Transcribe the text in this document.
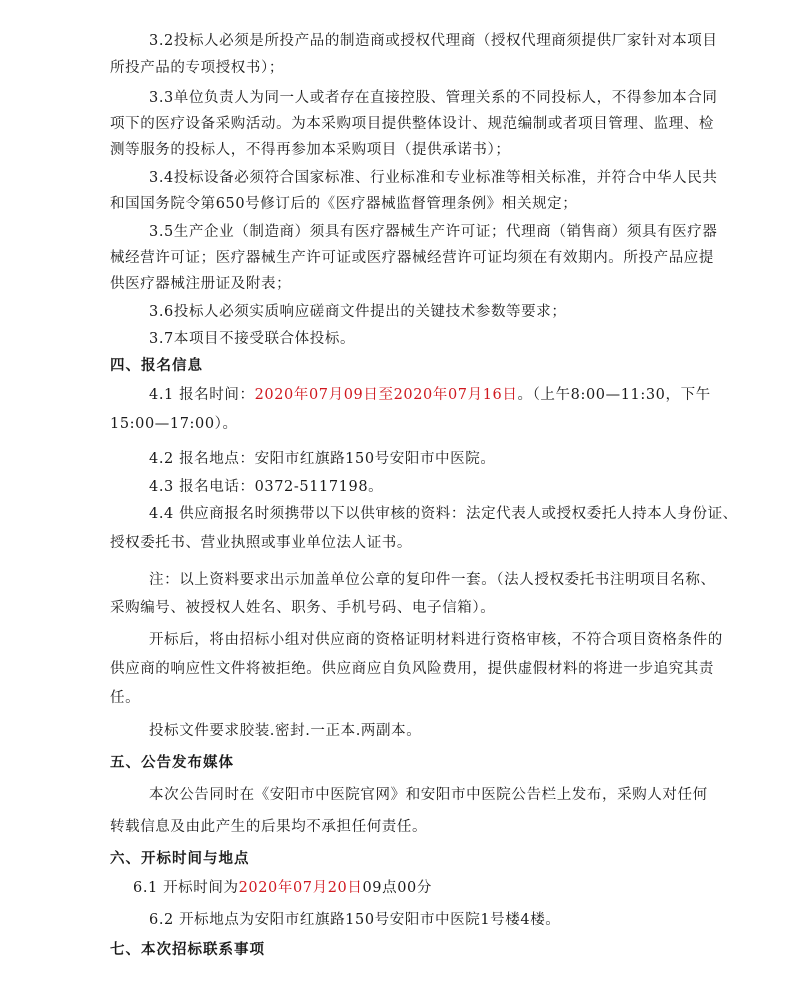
3.2投标人必须是所投产品的制造商或授权代理商（授权代理商须提供厂家针对本项目
所投产品的专项授权书）；
3.3单位负责人为同一人或者存在直接控股、管理关系的不同投标人，不得参加本合同
项下的医疗设备采购活动。为本采购项目提供整体设计、规范编制或者项目管理、监理、检
测等服务的投标人，不得再参加本采购项目（提供承诺书）；
3.4投标设备必须符合国家标准、行业标准和专业标准等相关标准，并符合中华人民共
和国国务院令第650号修订后的《医疗器械监督管理条例》相关规定；
3.5生产企业（制造商）须具有医疗器械生产许可证；代理商（销售商）须具有医疗器
械经营许可证；医疗器械生产许可证或医疗器械经营许可证均须在有效期内。所投产品应提
供医疗器械注册证及附表；
3.6投标人必须实质响应磋商文件提出的关键技术参数等要求；
3.7本项目不接受联合体投标。
四、报名信息
4.1 报名时间：2020年07月09日至2020年07月16日。（上午8:00—11:30，下午
15:00—17:00）。
4.2 报名地点：安阳市红旗路150号安阳市中医院。
4.3 报名电话：0372-5117198。
4.4 供应商报名时须携带以下以供审核的资料：法定代表人或授权委托人持本人身份证、
授权委托书、营业执照或事业单位法人证书。
注：以上资料要求出示加盖单位公章的复印件一套。（法人授权委托书注明项目名称、
采购编号、被授权人姓名、职务、手机号码、电子信箱）。
开标后，将由招标小组对供应商的资格证明材料进行资格审核，不符合项目资格条件的
供应商的响应性文件将被拒绝。供应商应自负风险费用，提供虚假材料的将进一步追究其责
任。
投标文件要求胶装.密封.一正本.两副本。
五、公告发布媒体
本次公告同时在《安阳市中医院官网》和安阳市中医院公告栏上发布，采购人对任何
转载信息及由此产生的后果均不承担任何责任。
六、开标时间与地点
6.1 开标时间为2020年07月20日09点00分
6.2 开标地点为安阳市红旗路150号安阳市中医院1号楼4楼。
七、本次招标联系事项
